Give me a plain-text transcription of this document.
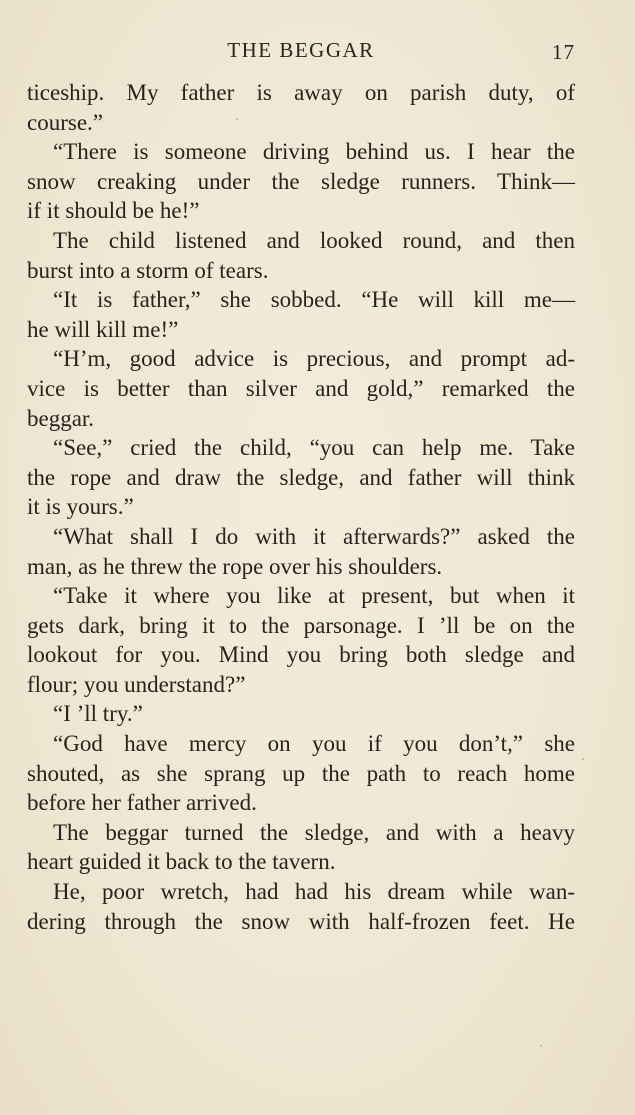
THE BEGGAR	17
ticeship. My father is away on parish duty, of
course.”
“There is someone driving behind us. I hear the
snow creaking under the sledge runners. Think—
if it should be he!”
The child listened and looked round, and then
burst into a storm of tears.
“It is father,” she sobbed. “He will kill me—
he will kill me!”
“H’m, good advice is precious, and prompt ad-
vice is better than silver and gold,” remarked the
beggar.
“See,” cried the child, “you can help me. Take
the rope and draw the sledge, and father will think
it is yours.”
“What shall I do with it afterwards?” asked the
man, as he threw the rope over his shoulders.
“Take it where you like at present, but when it
gets dark, bring it to the parsonage. I ’ll be on the
lookout for you. Mind you bring both sledge and
flour; you understand?”
“I ’ll try.”
“God have mercy on you if you don’t,” she
shouted, as she sprang up the path to reach home
before her father arrived.
The beggar turned the sledge, and with a heavy
heart guided it back to the tavern.
He, poor wretch, had had his dream while wan-
dering through the snow with half-frozen feet. He
